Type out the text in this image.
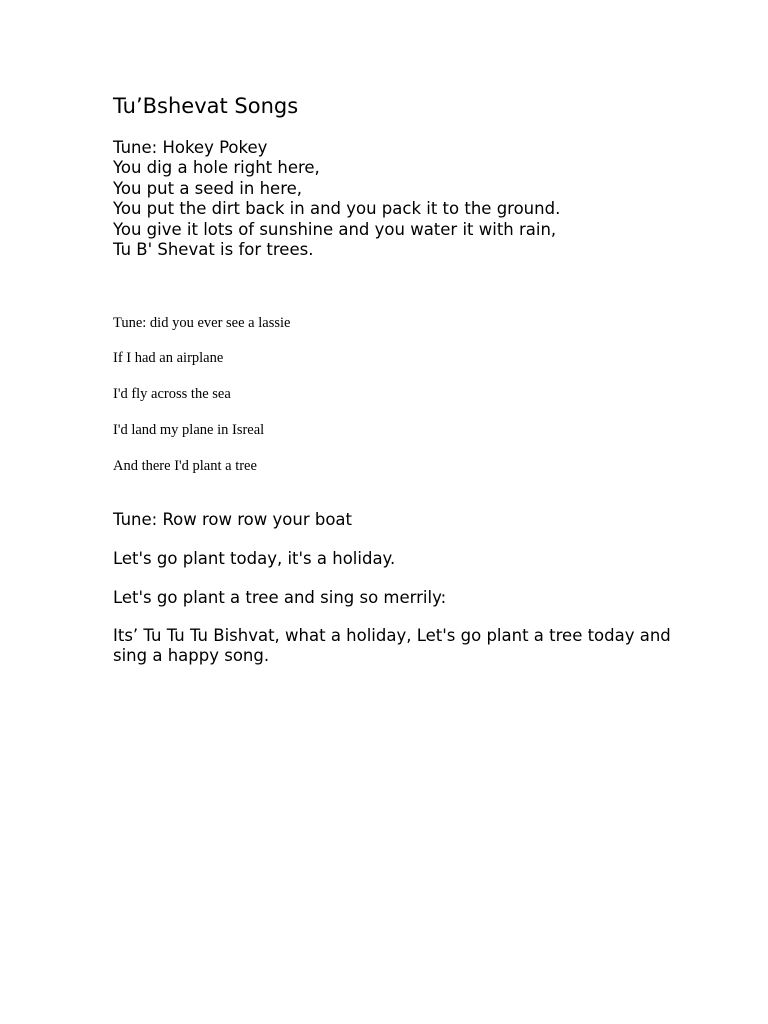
Tu’Bshevat Songs
Tune: Hokey Pokey
You dig a hole right here,
You put a seed in here,
You put the dirt back in and you pack it to the ground.
You give it lots of sunshine and you water it with rain,
Tu B' Shevat is for trees.
Tune: did you ever see a lassie
If I had an airplane
I'd fly across the sea
I'd land my plane in Isreal
And there I'd plant a tree
Tune: Row row row your boat
Let's go plant today, it's a holiday.
Let's go plant a tree and sing so merrily:
Its’ Tu Tu Tu Bishvat, what a holiday, Let's go plant a tree today and sing a happy song.
